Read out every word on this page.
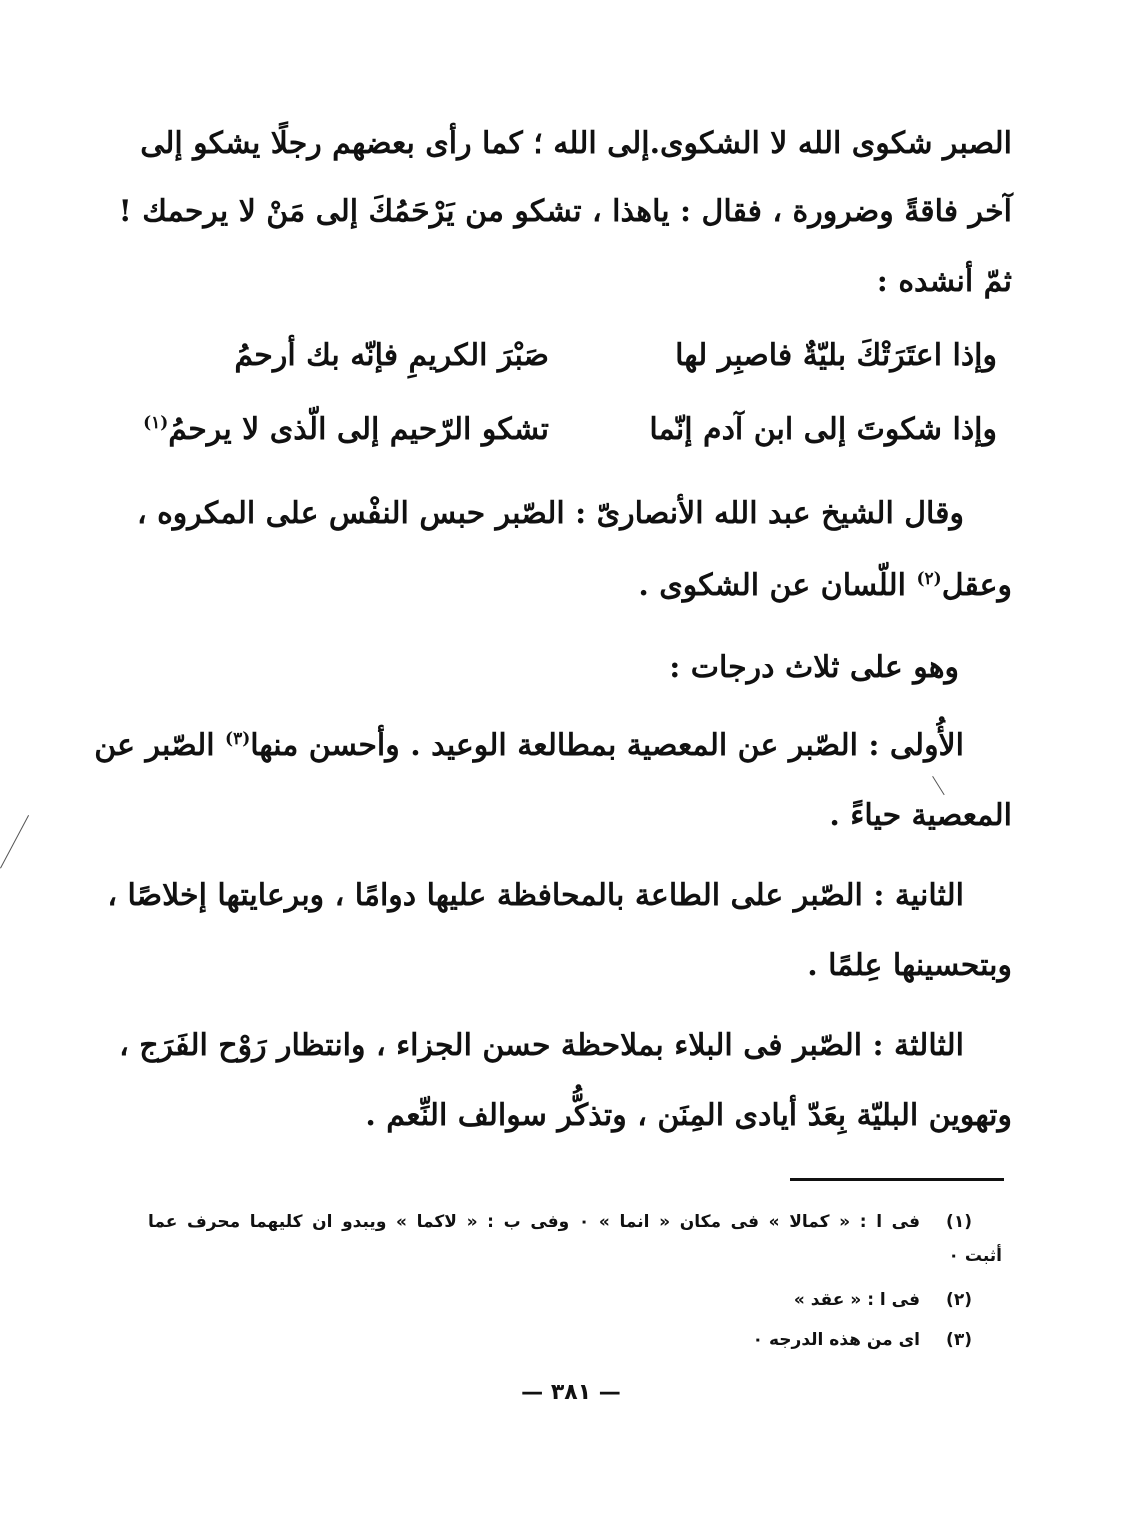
الصبر شكوى الله لا الشكوى.إلى الله ؛ كما رأى بعضهم رجلًا يشكو إلى
آخر فاقةً وضرورة ، فقال : ياهذا ، تشكو من يَرْحَمُكَ إلى مَنْ لا يرحمك !
ثمّ أنشده :
وإذا اعتَرَتْكَ بليّةٌ فاصبِر لها
صَبْرَ الكريمِ فإنّه بك أرحمُ
وإذا شكوتَ إلى ابن آدم إنّما
تشكو الرّحيم إلى الّذى لا يرحمُ$^{(١)}$
وقال الشيخ عبد الله الأنصارىّ : الصّبر حبس النفْس على المكروه ،
وعقل$^{(٢)}$ اللّسان عن الشكوى .
وهو على ثلاث درجات :
الأُولى : الصّبر عن المعصية بمطالعة الوعيد . وأحسن منها$^{(٣)}$ الصّبر عن
المعصية حياءً .
الثانية : الصّبر على الطاعة بالمحافظة عليها دوامًا ، وبرعايتها إخلاصًا ،
وبتحسينها عِلمًا .
الثالثة : الصّبر فى البلاء بملاحظة حسن الجزاء ، وانتظار رَوْح الفَرَج ،
وتهوين البليّة بِعَدّ أيادى المِنَن ، وتذكُّر سوالف النِّعم .
(١)فى ا : « كمالا » فى مكان « انما » ٠ وفى ب : « لاكما » ويبدو ان كليهما محرف عما
أثبت ٠
(٢)فى ا : « عقد »
(٣)اى من هذه الدرجه ٠
— ٣٨١ —
